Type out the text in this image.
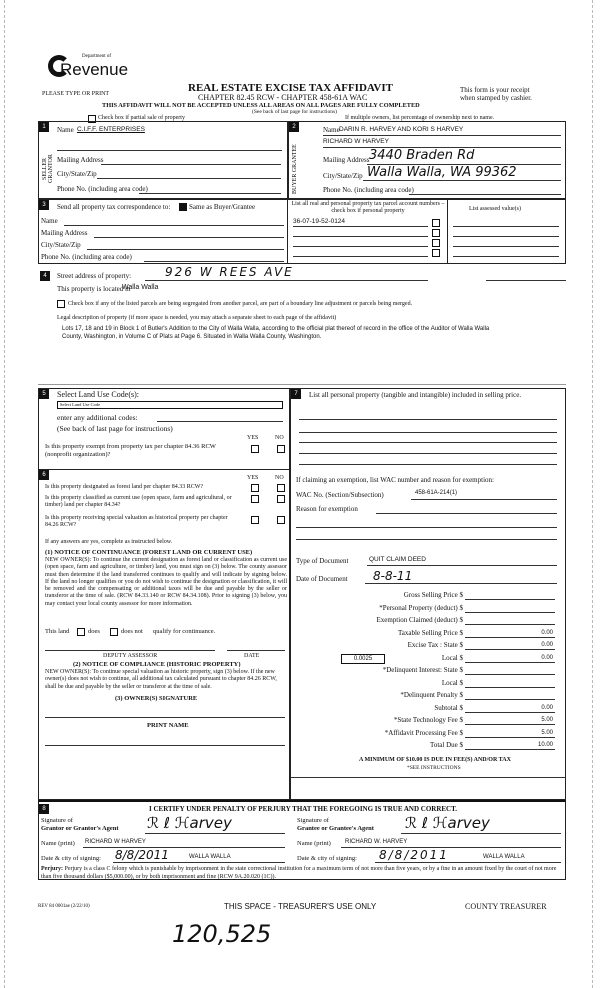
Department of
Revenue
PLEASE TYPE OR PRINT	REAL ESTATE EXCISE TAX AFFIDAVIT
CHAPTER 82.45 RCW - CHAPTER 458-61A WAC
This form is your receipt
when stamped by cashier.
THIS AFFIDAVIT WILL NOT BE ACCEPTED UNLESS ALL AREAS ON ALL PAGES ARE FULLY COMPLETED
(See back of last page for instructions)
Check box if partial sale of property	If multiple owners, list percentage of ownership next to name.
1
SELLER GRANTOR
Name C.I.F.F. ENTERPRISES
Mailing Address
City/State/Zip
Phone No. (including area code)
2
BUYER GRANTEE
Name DARIN R. HARVEY AND KORI S HARVEY
RICHARD W HARVEY
Mailing Address 3440 Braden Rd
City/State/Zip Walla Walla, WA 99362
Phone No. (including area code)
3	Send all property tax correspondence to:	Same as Buyer/Grantee
Name
Mailing Address
City/State/Zip
Phone No. (including area code)
List all real and personal property tax parcel account numbers – check box if personal property
36-07-19-52-0124
List assessed value(s)
4	Street address of property:	926 W REES AVE
This property is located in
Walla Walla
Check box if any of the listed parcels are being segregated from another parcel, are part of a boundary line adjustment or parcels being merged.
Legal description of property (if more space is needed, you may attach a separate sheet to each page of the affidavit)
Lots 17, 18 and 19 in Block 1 of Butler's Addition to the City of Walla Walla, according to the official plat thereof of record in the office of the Auditor of Walla Walla County, Washington, in Volume C of Plats at Page 6. Situated in Walla Walla County, Washington.
5	Select Land Use Code(s):
Select Land Use Code
enter any additional codes:
(See back of last page for instructions)
YES	NO
Is this property exempt from property tax per chapter 84.36 RCW (nonprofit organization)?
6	YES	NO
Is this property designated as forest land per chapter 84.33 RCW?
Is this property classified as current use (open space, farm and agricultural, or timber) land per chapter 84.34?
Is this property receiving special valuation as historical property per chapter 84.26 RCW?
If any answers are yes, complete as instructed below.
(1) NOTICE OF CONTINUANCE (FOREST LAND OR CURRENT USE)
NEW OWNER(S): To continue the current designation as forest land or classification as current use (open space, farm and agriculture, or timber) land, you must sign on (3) below. The county assessor must then determine if the land transferred continues to qualify and will indicate by signing below. If the land no longer qualifies or you do not wish to continue the designation or classification, it will be removed and the compensating or additional taxes will be due and payable by the seller or transferor at the time of sale. (RCW 84.33.140 or RCW 84.34.108). Prior to signing (3) below, you may contact your local county assessor for more information.
This land	does	does not qualify for continuance.
DEPUTY ASSESSOR	DATE
(2) NOTICE OF COMPLIANCE (HISTORIC PROPERTY)
NEW OWNER(S): To continue special valuation as historic property, sign (3) below. If the new owner(s) does not wish to continue, all additional tax calculated pursuant to chapter 84.26 RCW, shall be due and payable by the seller or transferor at the time of sale.
(3) OWNER(S) SIGNATURE
PRINT NAME
7	List all personal property (tangible and intangible) included in selling price.
If claiming an exemption, list WAC number and reason for exemption:
WAC No. (Section/Subsection)	458-61A-214(1)
Reason for exemption
Type of Document	QUIT CLAIM DEED
Date of Document 8-8-11
Gross Selling Price $
*Personal Property (deduct) $
Exemption Claimed (deduct) $
Taxable Selling Price $	0.00
Excise Tax : State $	0.00
Local $	0.00
*Delinquent Interest: State $
Local $
*Delinquent Penalty $
Subtotal $	0.00
*State Technology Fee $	5.00
*Affidavit Processing Fee $	5.00
Total Due $	10.00
0.0025
A MINIMUM OF $10.00 IS DUE IN FEE(S) AND/OR TAX
*SEE INSTRUCTIONS
8	I CERTIFY UNDER PENALTY OF PERJURY THAT THE FOREGOING IS TRUE AND CORRECT.
Signature of
Grantor or Grantor's Agent ℛ ℓ ℋarvey
Name (print) RICHARD W HARVEY
Date & city of signing: 8/8/2011	WALLA WALLA
Signature of
Grantee or Grantee's Agent ℛ ℓ ℋarvey
Name (print) RICHARD W. HARVEY
Date & city of signing: 8/8/2011	WALLA WALLA
Perjury: Perjury is a class C felony which is punishable by imprisonment in the state correctional institution for a maximum term of not more than five years, or by a fine in an amount fixed by the court of not more than five thousand dollars ($5,000.00), or by both imprisonment and fine (RCW 9A.20.020 (1C)).
REV 84 0001ae (2/22/10)	THIS SPACE - TREASURER'S USE ONLY	COUNTY TREASURER
120,525
